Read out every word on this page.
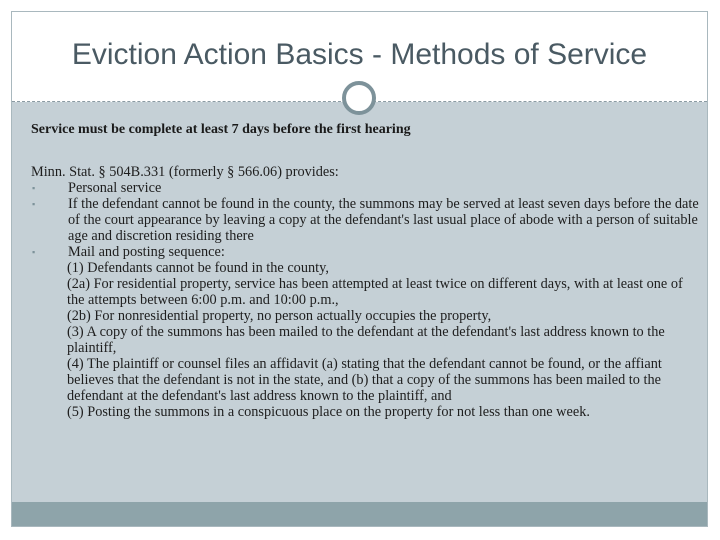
Eviction Action Basics - Methods of Service
Service must be complete at least 7 days before the first hearing

Minn. Stat. § 504B.331 (formerly § 566.06) provides:

▪	Personal service
▪	If the defendant cannot be found in the county, the summons may be served at least seven days before the date of the court appearance by leaving a copy at the defendant's last usual place of abode with a person of suitable age and discretion residing there
▪	Mail and posting sequence:
(1) Defendants cannot be found in the county,
(2a) For residential property, service has been attempted at least twice on different days, with at least one of the attempts between 6:00 p.m. and 10:00 p.m.,
(2b) For nonresidential property, no person actually occupies the property,
(3) A copy of the summons has been mailed to the defendant at the defendant's last address known to the plaintiff,
(4) The plaintiff or counsel files an affidavit (a) stating that the defendant cannot be found, or the affiant believes that the defendant is not in the state, and (b) that a copy of the summons has been mailed to the defendant at the defendant's last address known to the plaintiff, and
(5) Posting the summons in a conspicuous place on the property for not less than one week.
